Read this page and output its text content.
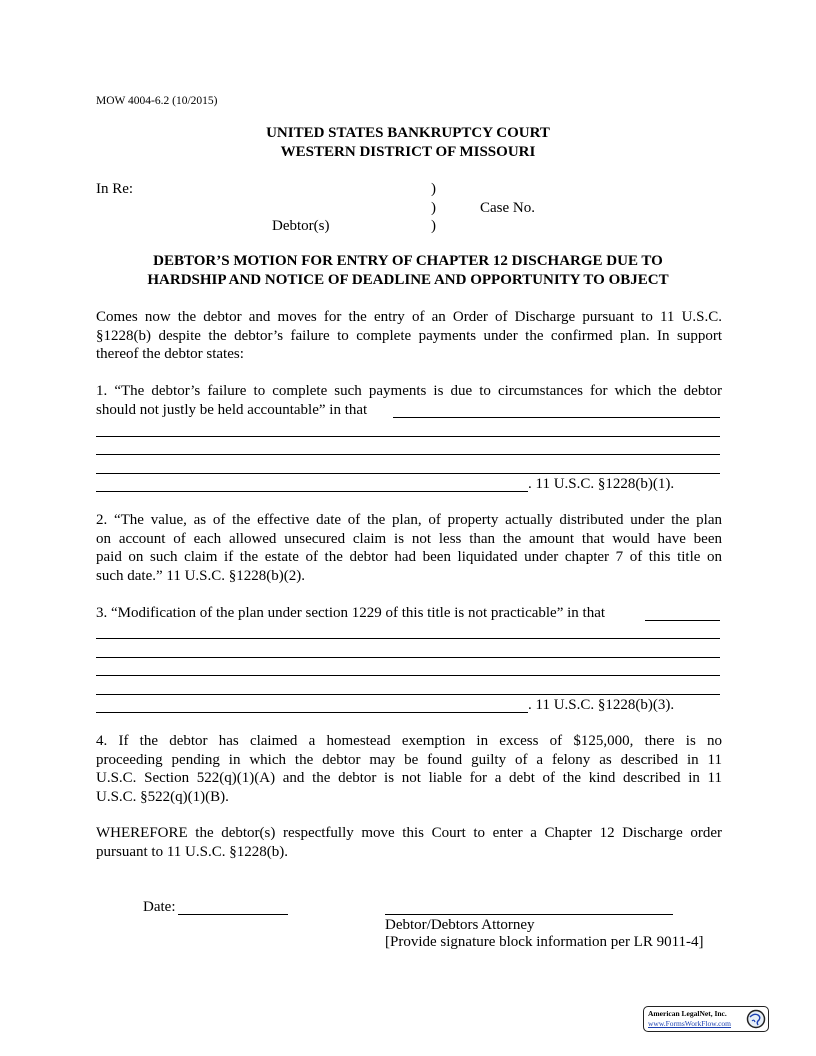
MOW 4004-6.2 (10/2015)
UNITED STATES BANKRUPTCY COURT
WESTERN DISTRICT OF MISSOURI
In Re:
Debtor(s)
)
)
)
Case No.
DEBTOR’S MOTION FOR ENTRY OF CHAPTER 12 DISCHARGE DUE TO
HARDSHIP AND NOTICE OF DEADLINE AND OPPORTUNITY TO OBJECT
Comes now the debtor and moves for the entry of an Order of Discharge pursuant to 11 U.S.C.
§1228(b) despite the debtor’s failure to complete payments under the confirmed plan. In support
thereof the debtor states:
1. “The debtor’s failure to complete such payments is due to circumstances for which the debtor
should not justly be held accountable” in that
. 11 U.S.C. §1228(b)(1).
2. “The value, as of the effective date of the plan, of property actually distributed under the plan
on account of each allowed unsecured claim is not less than the amount that would have been
paid on such claim if the estate of the debtor had been liquidated under chapter 7 of this title on
such date.” 11 U.S.C. §1228(b)(2).
3. “Modification of the plan under section 1229 of this title is not practicable” in that
. 11 U.S.C. §1228(b)(3).
4. If the debtor has claimed a homestead exemption in excess of $125,000, there is no
proceeding pending in which the debtor may be found guilty of a felony as described in 11
U.S.C. Section 522(q)(1)(A) and the debtor is not liable for a debt of the kind described in 11
U.S.C. §522(q)(1)(B).
WHEREFORE the debtor(s) respectfully move this Court to enter a Chapter 12 Discharge order
pursuant to 11 U.S.C. §1228(b).
Date:
Debtor/Debtors Attorney
[Provide signature block information per LR 9011-4]
American LegalNet, Inc.
www.FormsWorkFlow.com
